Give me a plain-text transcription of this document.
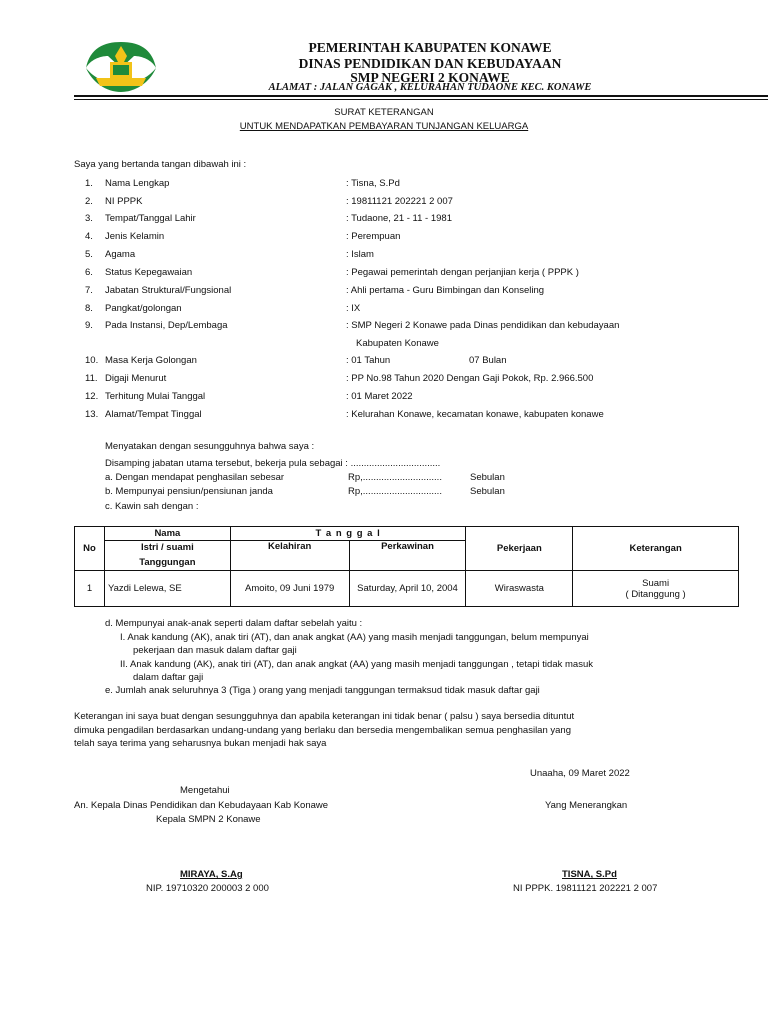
PEMERINTAH KABUPATEN KONAWE
DINAS PENDIDIKAN DAN KEBUDAYAAN
SMP NEGERI 2 KONAWE
ALAMAT : JALAN GAGAK , KELURAHAN TUDAONE KEC. KONAWE
SURAT KETERANGAN
UNTUK MENDAPATKAN PEMBAYARAN TUNJANGAN KELUARGA
Saya yang bertanda tangan dibawah ini :
1. Nama Lengkap	: Tisna, S.Pd
2. NI PPPK	: 19811121 202221 2 007
3. Tempat/Tanggal Lahir	: Tudaone, 21 - 11 - 1981
4. Jenis Kelamin	: Perempuan
5. Agama	: Islam
6. Status Kepegawaian	: Pegawai pemerintah dengan perjanjian kerja ( PPPK )
7. Jabatan Struktural/Fungsional	: Ahli pertama - Guru Bimbingan dan Konseling
8. Pangkat/golongan	: IX
9. Pada Instansi, Dep/Lembaga	: SMP Negeri 2 Konawe pada Dinas pendidikan dan kebudayaan
Kabupaten Konawe
10. Masa Kerja Golongan	: 01 Tahun	07 Bulan
11. Digaji Menurut	: PP No.98 Tahun 2020 Dengan Gaji Pokok, Rp. 2.966.500
12. Terhitung Mulai Tanggal	: 01 Maret 2022
13. Alamat/Tempat Tinggal	: Kelurahan Konawe, kecamatan konawe, kabupaten konawe
Menyatakan dengan sesungguhnya bahwa saya :
Disamping jabatan utama tersebut, bekerja pula sebagai : ..................................
a. Dengan mendapat penghasilan sebesar	Rp,..............................	Sebulan
b. Mempunyai pensiun/pensiunan janda	Rp,..............................	Sebulan
c. Kawin sah dengan :
No	Nama	T a n g g a l		Pekerjaan	Keterangan
	Istri / suami	Kelahiran	Perkawinan		
	Tanggungan				
1	Yazdi Lelewa, SE	Amoito, 09 Juni 1979	Saturday, April 10, 2004	Wiraswasta	Suami
( Ditanggung )
d. Mempunyai anak-anak seperti dalam daftar sebelah yaitu :
I. Anak kandung (AK), anak tiri (AT), dan anak angkat (AA) yang masih menjadi tanggungan, belum mempunyai
pekerjaan dan masuk dalam daftar gaji
II. Anak kandung (AK), anak tiri (AT), dan anak angkat (AA) yang masih menjadi tanggungan , tetapi tidak masuk
dalam daftar gaji
e. Jumlah anak seluruhnya 3 (Tiga ) orang yang menjadi tanggungan termaksud tidak masuk daftar gaji
Keterangan ini saya buat dengan sesungguhnya dan apabila keterangan ini tidak benar ( palsu ) saya bersedia dituntut
dimuka pengadilan berdasarkan undang-undang yang berlaku dan bersedia mengembalikan semua penghasilan yang
telah saya terima yang seharusnya bukan menjadi hak saya
Unaaha, 09 Maret 2022
Mengetahui
An. Kepala Dinas Pendidikan dan Kebudayaan Kab Konawe	Yang Menerangkan
Kepala SMPN 2 Konawe
MIRAYA, S.Ag
NIP. 19710320 200003 2 000
TISNA, S.Pd
NI PPPK. 19811121 202221 2 007
